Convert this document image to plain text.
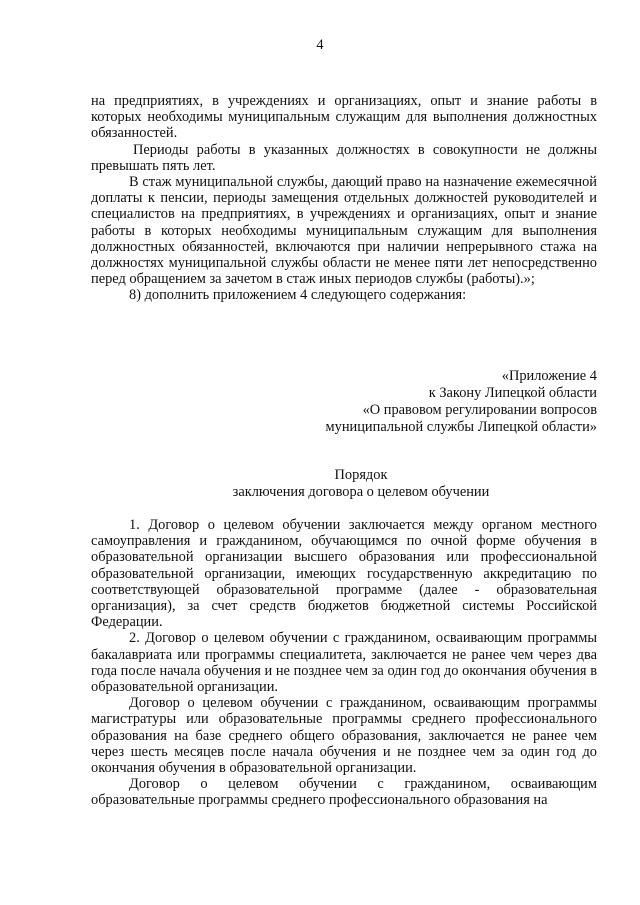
4

на предприятиях, в учреждениях и организациях, опыт и знание работы в которых необходимы муниципальным служащим для выполнения должностных обязанностей.

Периоды работы в указанных должностях в совокупности не должны превышать пять лет.

В стаж муниципальной службы, дающий право на назначение ежемесячной доплаты к пенсии, периоды замещения отдельных должностей руководителей и специалистов на предприятиях, в учреждениях и организациях, опыт и знание работы в которых необходимы муниципальным служащим для выполнения должностных обязанностей, включаются при наличии непрерывного стажа на должностях муниципальной службы области не менее пяти лет непосредственно перед обращением за зачетом в стаж иных периодов службы (работы).»;

8) дополнить приложением 4 следующего содержания:

«Приложение 4
к Закону Липецкой области
«О правовом регулировании вопросов
муниципальной службы Липецкой области»
Порядок
заключения договора о целевом обучении

1. Договор о целевом обучении заключается между органом местного самоуправления и гражданином, обучающимся по очной форме обучения в образовательной организации высшего образования или профессиональной образовательной организации, имеющих государственную аккредитацию по соответствующей образовательной программе (далее - образовательная организация), за счет средств бюджетов бюджетной системы Российской Федерации.

2. Договор о целевом обучении с гражданином, осваивающим программы бакалавриата или программы специалитета, заключается не ранее чем через два года после начала обучения и не позднее чем за один год до окончания обучения в образовательной организации.

Договор о целевом обучении с гражданином, осваивающим программы магистратуры или образовательные программы среднего профессионального образования на базе среднего общего образования, заключается не ранее чем через шесть месяцев после начала обучения и не позднее чем за один год до окончания обучения в образовательной организации.

Договор о целевом обучении с гражданином, осваивающим образовательные программы среднего профессионального образования на
